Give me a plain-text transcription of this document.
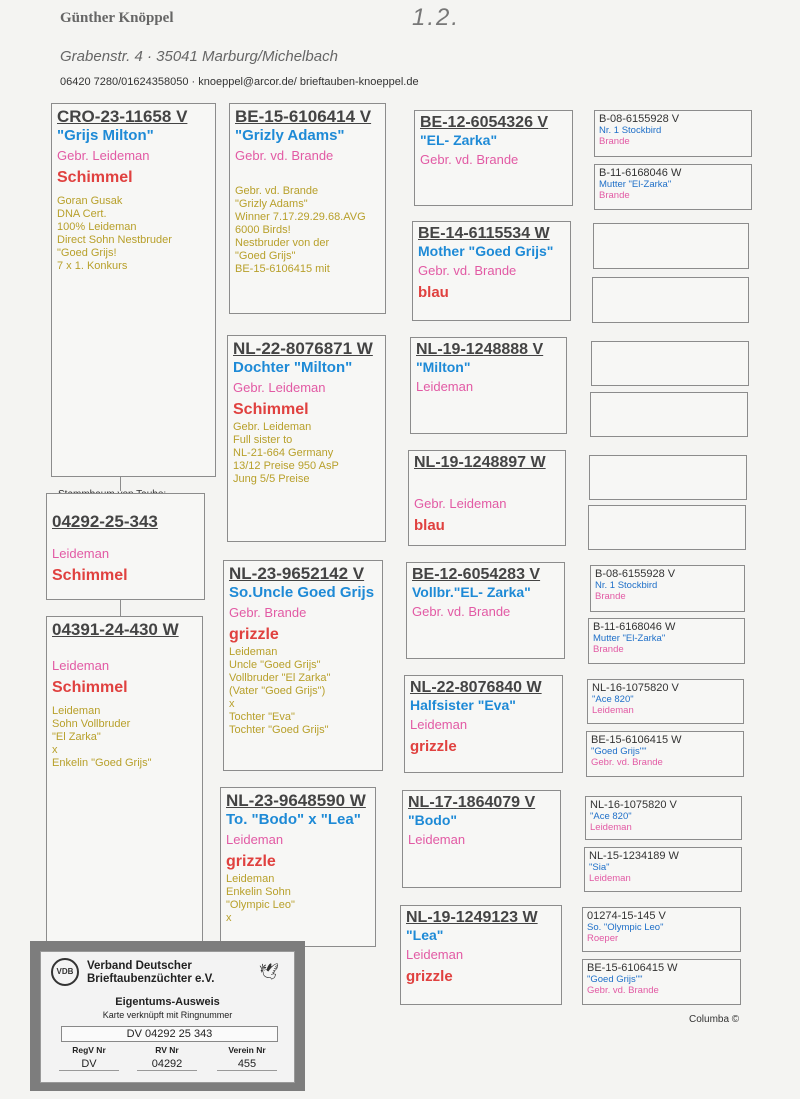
Günther Knöppel	1.2.
Grabenstr. 4 · 35041 Marburg/Michelbach
06420 7280/01624358050 · knoeppel@arcor.de/ brieftauben-knoeppel.de
CRO-23-11658 V
"Grijs Milton"
Gebr. Leideman
Schimmel
Goran Gusak
DNA Cert.
100% Leideman
Direct Sohn Nestbruder
"Goed Grijs!
7 x 1. Konkurs
04292-25-343
Leideman
Schimmel
04391-24-430 W
Leideman
Schimmel
Leideman
Sohn Vollbruder
"El Zarka"
x
Enkelin "Goed Grijs"
BE-15-6106414 V
"Grizly Adams"
Gebr. vd. Brande
Gebr. vd. Brande
"Grizly Adams"
Winner 7.17.29.29.68.AVG
6000 Birds!
Nestbruder von der
"Goed Grijs"
BE-15-6106415 mit
NL-22-8076871 W
Dochter "Milton"
Gebr. Leideman
Schimmel
Gebr. Leideman
Full sister to
NL-21-664 Germany
13/12 Preise 950 AsP
Jung 5/5 Preise
NL-23-9652142 V
So.Uncle Goed Grijs
Gebr. Brande
grizzle
Leideman
Uncle "Goed Grijs"
Vollbruder "El Zarka"
(Vater "Goed Grijs")
x
Tochter "Eva"
Tochter "Goed Grijs"
NL-23-9648590 W
To. "Bodo" x "Lea"
Leideman
grizzle
Leideman
Enkelin Sohn
"Olympic Leo"
x
BE-12-6054326 V
"EL- Zarka"
Gebr. vd. Brande
BE-14-6115534 W
Mother "Goed Grijs"
Gebr. vd. Brande
blau
NL-19-1248888 V
"Milton"
Leideman
NL-19-1248897 W
Gebr. Leideman
blau
BE-12-6054283 V
Vollbr."EL- Zarka"
Gebr. vd. Brande
NL-22-8076840 W
Halfsister "Eva"
Leideman
grizzle
NL-17-1864079 V
"Bodo"
Leideman
NL-19-1249123 W
"Lea"
Leideman
grizzle
B-08-6155928 V
Nr. 1 Stockbird
Brande
B-11-6168046 W
Mutter "El-Zarka"
Brande
B-08-6155928 V
Nr. 1 Stockbird
Brande
B-11-6168046 W
Mutter "El-Zarka"
Brande
NL-16-1075820 V
"Ace 820"
Leideman
BE-15-6106415 W
"Goed Grijs""
Gebr. vd. Brande
NL-16-1075820 V
"Ace 820"
Leideman
NL-15-1234189 W
"Sia"
Leideman
01274-15-145 V
So. "Olympic Leo"
Roeper
BE-15-6106415 W
"Goed Grijs""
Gebr. vd. Brande
Columba ©
VDB	Verband Deutscher
Brieftaubenzüchter e.V.	🕊
Eigentums-Ausweis
Karte verknüpft mit Ringnummer
DV 04292 25 343
RegV Nr	RV Nr	Verein Nr
DV	04292	455
